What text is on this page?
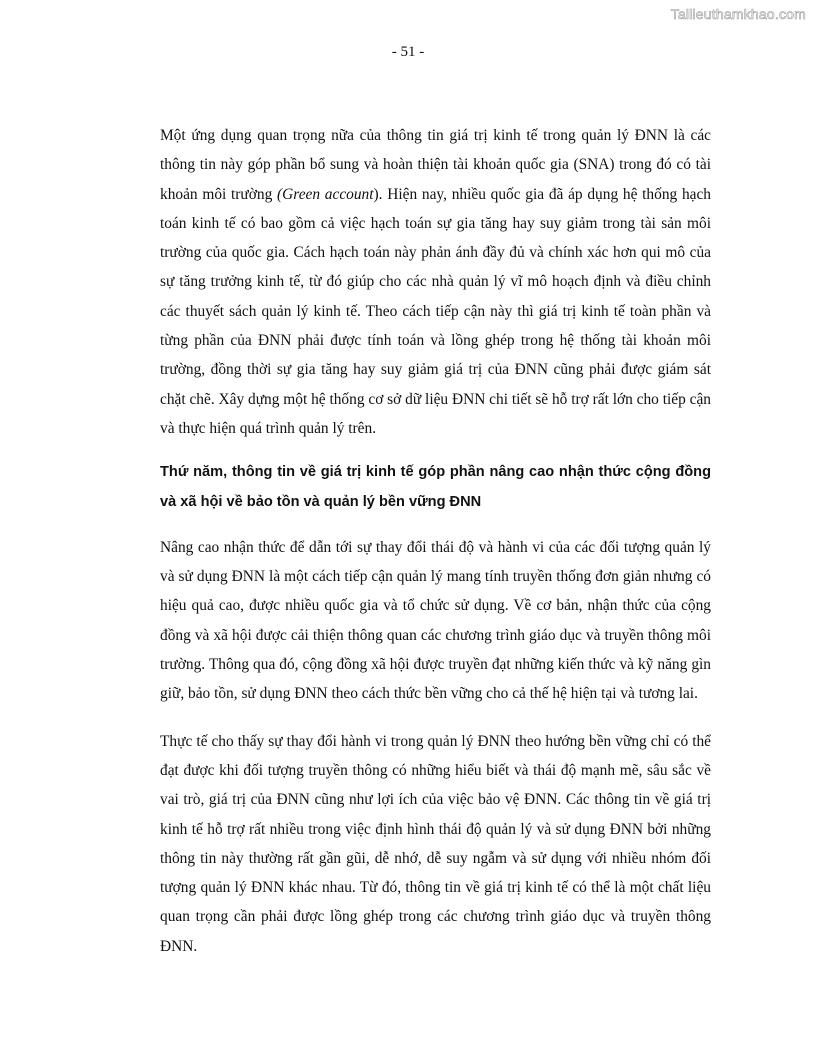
Tailieuthamkhao.com
- 51 -

Một ứng dụng quan trọng nữa của thông tin giá trị kinh tế trong quản lý ĐNN là các thông tin này góp phần bổ sung và hoàn thiện tài khoản quốc gia (SNA) trong đó có tài khoản môi trường (Green account). Hiện nay, nhiều quốc gia đã áp dụng hệ thống hạch toán kinh tế có bao gồm cả việc hạch toán sự gia tăng hay suy giảm trong tài sản môi trường của quốc gia. Cách hạch toán này phản ánh đầy đủ và chính xác hơn qui mô của sự tăng trưởng kinh tế, từ đó giúp cho các nhà quản lý vĩ mô hoạch định và điều chỉnh các thuyết sách quản lý kinh tế. Theo cách tiếp cận này thì giá trị kinh tế toàn phần và từng phần của ĐNN phải được tính toán và lồng ghép trong hệ thống tài khoản môi trường, đồng thời sự gia tăng hay suy giảm giá trị của ĐNN cũng phải được giám sát chặt chẽ. Xây dựng một hệ thống cơ sở dữ liệu ĐNN chi tiết sẽ hỗ trợ rất lớn cho tiếp cận và thực hiện quá trình quản lý trên.

Thứ năm, thông tin về giá trị kinh tế góp phần nâng cao nhận thức cộng đồng và xã hội về bảo tồn và quản lý bền vững ĐNN

Nâng cao nhận thức để dẫn tới sự thay đổi thái độ và hành vi của các đối tượng quản lý và sử dụng ĐNN là một cách tiếp cận quản lý mang tính truyền thống đơn giản nhưng có hiệu quả cao, được nhiều quốc gia và tổ chức sử dụng. Về cơ bản, nhận thức của cộng đồng và xã hội được cải thiện thông quan các chương trình giáo dục và truyền thông môi trường. Thông qua đó, cộng đồng xã hội được truyền đạt những kiến thức và kỹ năng gìn giữ, bảo tồn, sử dụng ĐNN theo cách thức bền vững cho cả thế hệ hiện tại và tương lai.

Thực tế cho thấy sự thay đổi hành vi trong quản lý ĐNN theo hướng bền vững chỉ có thể đạt được khi đối tượng truyền thông có những hiểu biết và thái độ mạnh mẽ, sâu sắc về vai trò, giá trị của ĐNN cũng như lợi ích của việc bảo vệ ĐNN. Các thông tin về giá trị kinh tế hỗ trợ rất nhiều trong việc định hình thái độ quản lý và sử dụng ĐNN bởi những thông tin này thường rất gần gũi, dễ nhớ, dễ suy ngẫm và sử dụng với nhiều nhóm đối tượng quản lý ĐNN khác nhau. Từ đó, thông tin về giá trị kinh tế có thể là một chất liệu quan trọng cần phải được lồng ghép trong các chương trình giáo dục và truyền thông ĐNN.
